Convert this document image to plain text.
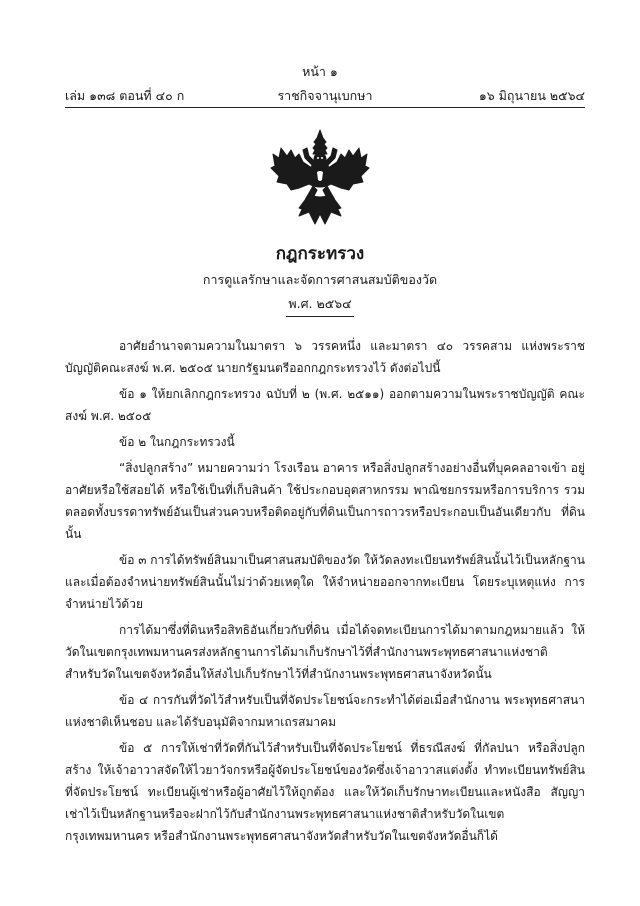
หน้า ๑
เล่ม ๑๓๘ ตอนที่ ๔๐ ก	ราชกิจจานุเบกษา	๑๖ มิถุนายน ๒๕๖๔
กฎกระทรวง
การดูแลรักษาและจัดการศาสนสมบัติของวัด
พ.ศ. ๒๕๖๔

อาศัยอำนาจตามความในมาตรา ๖ วรรคหนึ่ง และมาตรา ๔๐ วรรคสาม แห่งพระราชบัญญัติคณะสงฆ์ พ.ศ. ๒๕๐๕ นายกรัฐมนตรีออกกฎกระทรวงไว้ ดังต่อไปนี้

ข้อ ๑ ให้ยกเลิกกฎกระทรวง ฉบับที่ ๒ (พ.ศ. ๒๕๑๑) ออกตามความในพระราชบัญญัติ คณะสงฆ์ พ.ศ. ๒๕๐๕

ข้อ ๒ ในกฎกระทรวงนี้

“สิ่งปลูกสร้าง” หมายความว่า โรงเรือน อาคาร หรือสิ่งปลูกสร้างอย่างอื่นที่บุคคลอาจเข้า อยู่อาศัยหรือใช้สอยได้ หรือใช้เป็นที่เก็บสินค้า ใช้ประกอบอุตสาหกรรม พาณิชยกรรมหรือการบริการ รวมตลอดทั้งบรรดาทรัพย์อันเป็นส่วนควบหรือติดอยู่กับที่ดินเป็นการถาวรหรือประกอบเป็นอันเดียวกับ ที่ดินนั้น

ข้อ ๓ การได้ทรัพย์สินมาเป็นศาสนสมบัติของวัด ให้วัดลงทะเบียนทรัพย์สินนั้นไว้เป็นหลักฐาน และเมื่อต้องจำหน่ายทรัพย์สินนั้นไม่ว่าด้วยเหตุใด ให้จำหน่ายออกจากทะเบียน โดยระบุเหตุแห่ง การจำหน่ายไว้ด้วย

การได้มาซึ่งที่ดินหรือสิทธิอันเกี่ยวกับที่ดิน เมื่อได้จดทะเบียนการได้มาตามกฎหมายแล้ว ให้วัดในเขตกรุงเทพมหานครส่งหลักฐานการได้มาเก็บรักษาไว้ที่สำนักงานพระพุทธศาสนาแห่งชาติ สำหรับวัดในเขตจังหวัดอื่นให้ส่งไปเก็บรักษาไว้ที่สำนักงานพระพุทธศาสนาจังหวัดนั้น

ข้อ ๔ การกันที่วัดไว้สำหรับเป็นที่จัดประโยชน์จะกระทำได้ต่อเมื่อสำนักงาน พระพุทธศาสนาแห่งชาติเห็นชอบ และได้รับอนุมัติจากมหาเถรสมาคม

ข้อ ๕ การให้เช่าที่วัดที่กันไว้สำหรับเป็นที่จัดประโยชน์ ที่ธรณีสงฆ์ ที่กัลปนา หรือสิ่งปลูกสร้าง ให้เจ้าอาวาสจัดให้ไวยาวัจกรหรือผู้จัดประโยชน์ของวัดซึ่งเจ้าอาวาสแต่งตั้ง ทำทะเบียนทรัพย์สิน ที่จัดประโยชน์ ทะเบียนผู้เช่าหรือผู้อาศัยไว้ให้ถูกต้อง และให้วัดเก็บรักษาทะเบียนและหนังสือ สัญญาเช่าไว้เป็นหลักฐานหรือจะฝากไว้กับสำนักงานพระพุทธศาสนาแห่งชาติสำหรับวัดในเขตกรุงเทพมหานคร หรือสำนักงานพระพุทธศาสนาจังหวัดสำหรับวัดในเขตจังหวัดอื่นก็ได้
